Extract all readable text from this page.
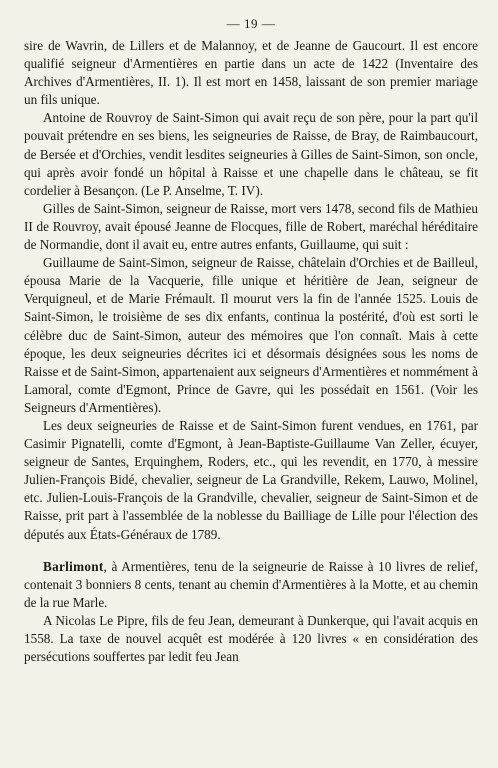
— 19 —

sire de Wavrin, de Lillers et de Malannoy, et de Jeanne de Gaucourt. Il est encore qualifié seigneur d'Armentières en partie dans un acte de 1422 (Inventaire des Archives d'Armentières, II. 1). Il est mort en 1458, laissant de son premier mariage un fils unique.

Antoine de Rouvroy de Saint-Simon qui avait reçu de son père, pour la part qu'il pouvait prétendre en ses biens, les seigneuries de Raisse, de Bray, de Raimbaucourt, de Bersée et d'Orchies, vendit lesdites seigneuries à Gilles de Saint-Simon, son oncle, qui après avoir fondé un hôpital à Raisse et une chapelle dans le château, se fit cordelier à Besançon. (Le P. Anselme, T. IV).

Gilles de Saint-Simon, seigneur de Raisse, mort vers 1478, second fils de Mathieu II de Rouvroy, avait épousé Jeanne de Flocques, fille de Robert, maréchal héréditaire de Normandie, dont il avait eu, entre autres enfants, Guillaume, qui suit :

Guillaume de Saint-Simon, seigneur de Raisse, châtelain d'Orchies et de Bailleul, épousa Marie de la Vacquerie, fille unique et héritière de Jean, seigneur de Verquigneul, et de Marie Frémault. Il mourut vers la fin de l'année 1525. Louis de Saint-Simon, le troisième de ses dix enfants, continua la postérité, d'où est sorti le célèbre duc de Saint-Simon, auteur des mémoires que l'on connaît. Mais à cette époque, les deux seigneuries décrites ici et désormais désignées sous les noms de Raisse et de Saint-Simon, appartenaient aux seigneurs d'Armentières et nommément à Lamoral, comte d'Egmont, Prince de Gavre, qui les possédait en 1561. (Voir les Seigneurs d'Armentières).

Les deux seigneuries de Raisse et de Saint-Simon furent vendues, en 1761, par Casimir Pignatelli, comte d'Egmont, à Jean-Baptiste-Guillaume Van Zeller, écuyer, seigneur de Santes, Erquinghem, Roders, etc., qui les revendit, en 1770, à messire Julien-François Bidé, chevalier, seigneur de La Grandville, Rekem, Lauwo, Molinel, etc. Julien-Louis-François de la Grandville, chevalier, seigneur de Saint-Simon et de Raisse, prit part à l'assemblée de la noblesse du Bailliage de Lille pour l'élection des députés aux États-Généraux de 1789.

Barlimont, à Armentières, tenu de la seigneurie de Raisse à 10 livres de relief, contenait 3 bonniers 8 cents, tenant au chemin d'Armentières à la Motte, et au chemin de la rue Marle.

A Nicolas Le Pipre, fils de feu Jean, demeurant à Dunkerque, qui l'avait acquis en 1558. La taxe de nouvel acquêt est modérée à 120 livres « en considération des persécutions souffertes par ledit feu Jean
